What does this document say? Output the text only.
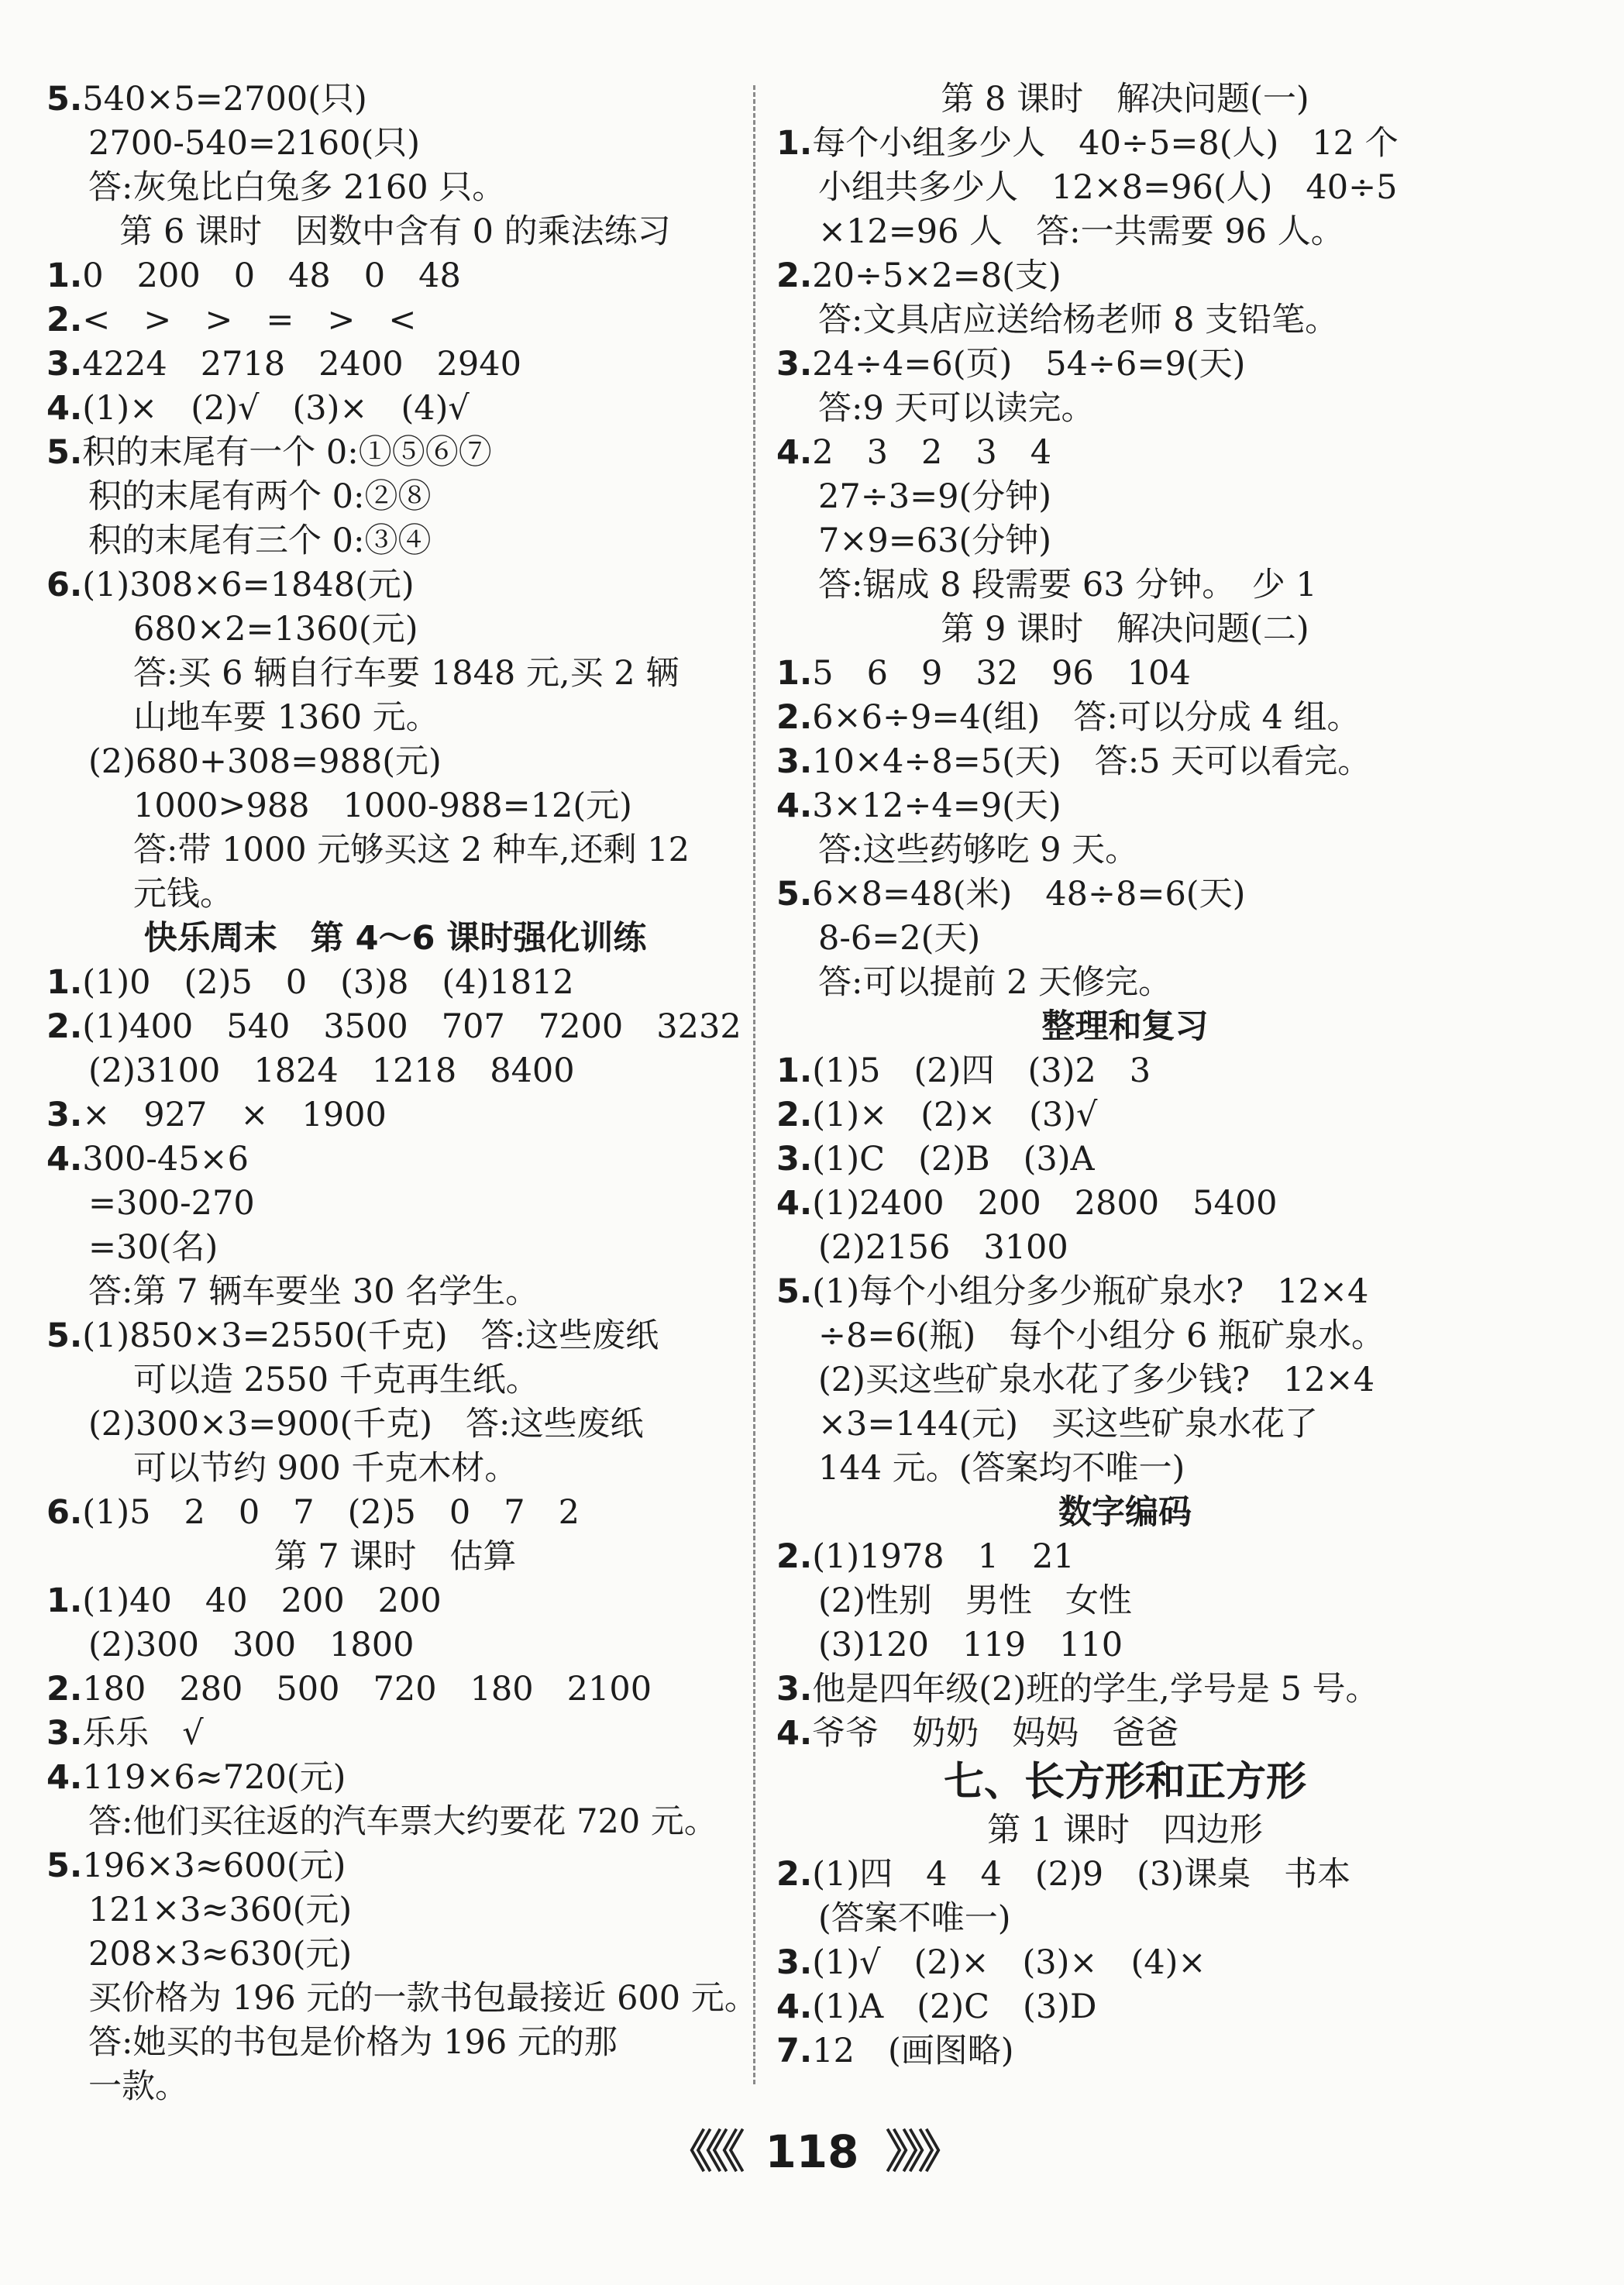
5.540×5=2700(只)
2700-540=2160(只)
答:灰兔比白兔多 2160 只。
第 6 课时　因数中含有 0 的乘法练习
1.0　200　0　48　0　48
2.<　>　>　=　>　<
3.4224　2718　2400　2940
4.(1)×　(2)√　(3)×　(4)√
5.积的末尾有一个 0:①⑤⑥⑦
积的末尾有两个 0:②⑧
积的末尾有三个 0:③④
6.(1)308×6=1848(元)
680×2=1360(元)
答:买 6 辆自行车要 1848 元,买 2 辆
山地车要 1360 元。
(2)680+308=988(元)
1000>988　1000-988=12(元)
答:带 1000 元够买这 2 种车,还剩 12
元钱。
快乐周末　第 4～6 课时强化训练
1.(1)0　(2)5　0　(3)8　(4)1812
2.(1)400　540　3500　707　7200　3232
(2)3100　1824　1218　8400
3.×　927　×　1900
4.300-45×6
=300-270
=30(名)
答:第 7 辆车要坐 30 名学生。
5.(1)850×3=2550(千克)　答:这些废纸
可以造 2550 千克再生纸。
(2)300×3=900(千克)　答:这些废纸
可以节约 900 千克木材。
6.(1)5　2　0　7　(2)5　0　7　2
第 7 课时　估算
1.(1)40　40　200　200
(2)300　300　1800
2.180　280　500　720　180　2100
3.乐乐　√
4.119×6≈720(元)
答:他们买往返的汽车票大约要花 720 元。
5.196×3≈600(元)
121×3≈360(元)
208×3≈630(元)
买价格为 196 元的一款书包最接近 600 元。
答:她买的书包是价格为 196 元的那
一款。
第 8 课时　解决问题(一)
1.每个小组多少人　40÷5=8(人)　12 个
小组共多少人　12×8=96(人)　40÷5
×12=96 人　答:一共需要 96 人。
2.20÷5×2=8(支)
答:文具店应送给杨老师 8 支铅笔。
3.24÷4=6(页)　54÷6=9(天)
答:9 天可以读完。
4.2　3　2　3　4
27÷3=9(分钟)
7×9=63(分钟)
答:锯成 8 段需要 63 分钟。　少 1
第 9 课时　解决问题(二)
1.5　6　9　32　96　104
2.6×6÷9=4(组)　答:可以分成 4 组。
3.10×4÷8=5(天)　答:5 天可以看完。
4.3×12÷4=9(天)
答:这些药够吃 9 天。
5.6×8=48(米)　48÷8=6(天)
8-6=2(天)
答:可以提前 2 天修完。
整理和复习
1.(1)5　(2)四　(3)2　3
2.(1)×　(2)×　(3)√
3.(1)C　(2)B　(3)A
4.(1)2400　200　2800　5400
(2)2156　3100
5.(1)每个小组分多少瓶矿泉水?　12×4
÷8=6(瓶)　每个小组分 6 瓶矿泉水。
(2)买这些矿泉水花了多少钱?　12×4
×3=144(元)　买这些矿泉水花了
144 元。(答案均不唯一)
数字编码
2.(1)1978　1　21
(2)性别　男性　女性
(3)120　119　110
3.他是四年级(2)班的学生,学号是 5 号。
4.爷爷　奶奶　妈妈　爸爸
七、长方形和正方形
第 1 课时　四边形
2.(1)四　4　4　(2)9　(3)课桌　书本
(答案不唯一)
3.(1)√　(2)×　(3)×　(4)×
4.(1)A　(2)C　(3)D
7.12　(画图略)
《《《 118 》》》
